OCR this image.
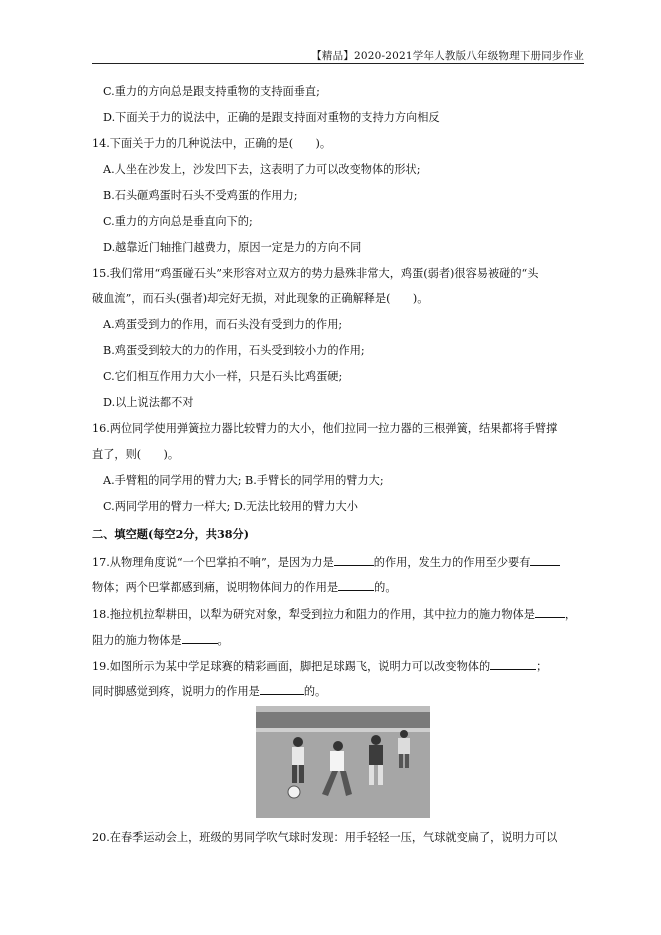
【精品】2020-2021学年人教版八年级物理下册同步作业
C.重力的方向总是跟支持重物的支持面垂直;
D.下面关于力的说法中，正确的是跟支持面对重物的支持力方向相反
14.下面关于力的几种说法中，正确的是(　　)。
A.人坐在沙发上，沙发凹下去，这表明了力可以改变物体的形状;
B.石头砸鸡蛋时石头不受鸡蛋的作用力;
C.重力的方向总是垂直向下的;
D.越靠近门轴推门越费力，原因一定是力的方向不同
15.我们常用“鸡蛋碰石头”来形容对立双方的势力悬殊非常大，鸡蛋(弱者)很容易被碰的“头
破血流”，而石头(强者)却完好无损，对此现象的正确解释是(　　)。
A.鸡蛋受到力的作用，而石头没有受到力的作用;
B.鸡蛋受到较大的力的作用，石头受到较小力的作用;
C.它们相互作用力大小一样，只是石头比鸡蛋硬;
D.以上说法都不对
16.两位同学使用弹簧拉力器比较臂力的大小，他们拉同一拉力器的三根弹簧，结果都将手臂撑
直了，则(　　)。
A.手臂粗的同学用的臂力大; B.手臂长的同学用的臂力大;
C.两同学用的臂力一样大; D.无法比较用的臂力大小
二、填空题(每空2分，共38分)
17.从物理角度说“一个巴掌拍不响”，是因为力是	的作用，发生力的作用至少要有
物体；两个巴掌都感到痛，说明物体间力的作用是	的。
18.拖拉机拉犁耕田，以犁为研究对象，犁受到拉力和阻力的作用，其中拉力的施力物体是	，
阻力的施力物体是	。
19.如图所示为某中学足球赛的精彩画面，脚把足球踢飞，说明力可以改变物体的	；
同时脚感觉到疼，说明力的作用是	的。
20.在春季运动会上，班级的男同学吹气球时发现：用手轻轻一压，气球就变扁了，说明力可以
